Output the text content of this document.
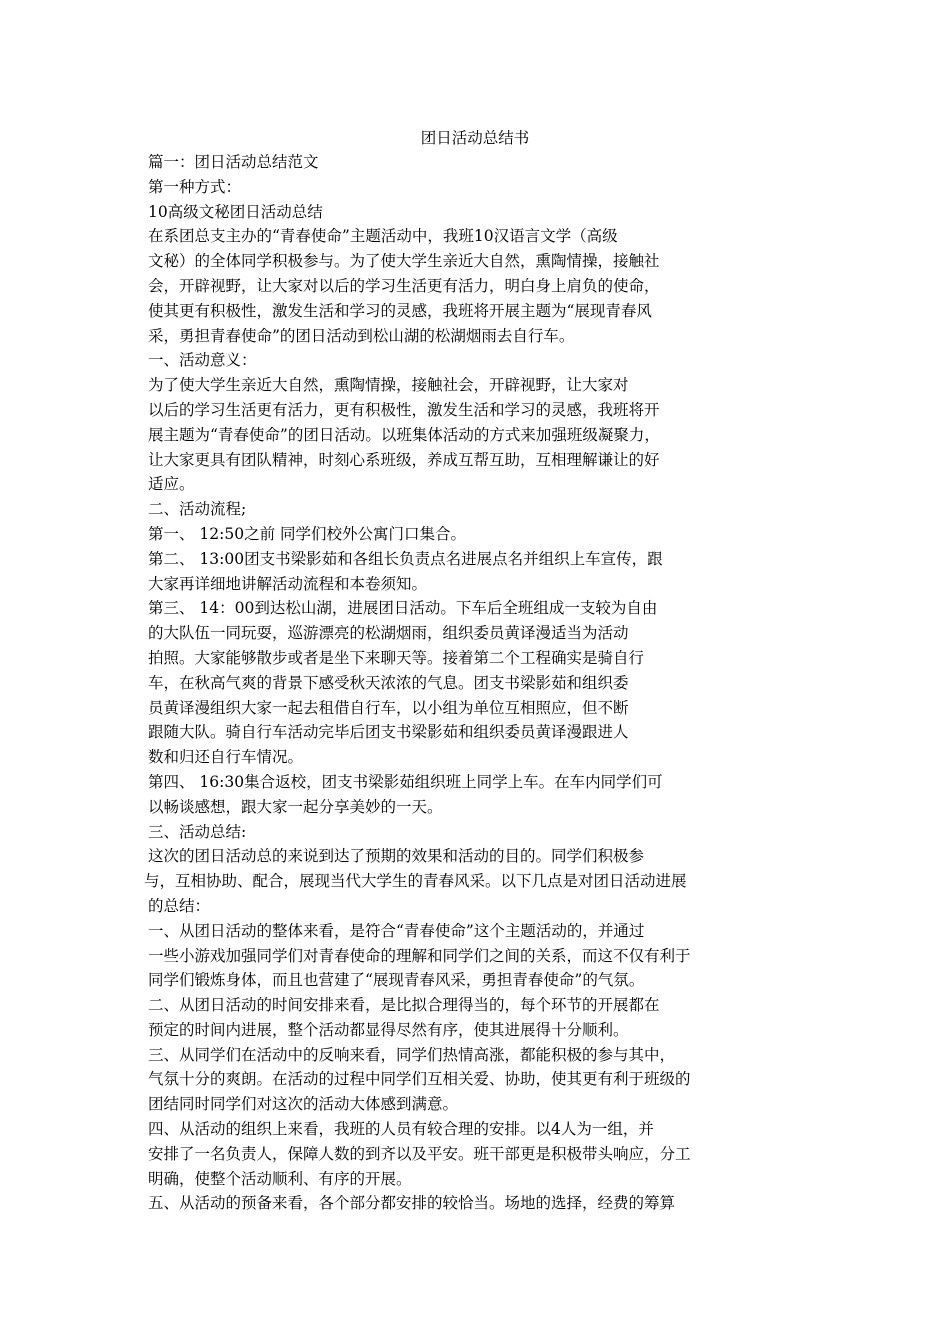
团日活动总结书
篇一：团日活动总结范文
第一种方式：
10高级文秘团日活动总结
在系团总支主办的“青春使命”主题活动中，我班10汉语言文学（高级
文秘）的全体同学积极参与。为了使大学生亲近大自然，熏陶情操，接触社
会，开辟视野，让大家对以后的学习生活更有活力，明白身上肩负的使命，
使其更有积极性，激发生活和学习的灵感，我班将开展主题为“展现青春风
采，勇担青春使命”的团日活动到松山湖的松湖烟雨去自行车。
一、活动意义：
为了使大学生亲近大自然，熏陶情操，接触社会，开辟视野，让大家对
以后的学习生活更有活力，更有积极性，激发生活和学习的灵感，我班将开
展主题为“青春使命”的团日活动。以班集体活动的方式来加强班级凝聚力，
让大家更具有团队精神，时刻心系班级，养成互帮互助，互相理解谦让的好
适应。
二、活动流程;
第一、 12:50之前 同学们校外公寓门口集合。
第二、 13:00团支书梁影茹和各组长负责点名进展点名并组织上车宣传，跟
大家再详细地讲解活动流程和本卷须知。
第三、 14：00到达松山湖，进展团日活动。下车后全班组成一支较为自由
的大队伍一同玩耍，巡游漂亮的松湖烟雨，组织委员黄译漫适当为活动
拍照。大家能够散步或者是坐下来聊天等。接着第二个工程确实是骑自行
车，在秋高气爽的背景下感受秋天浓浓的气息。团支书梁影茹和组织委
员黄译漫组织大家一起去租借自行车，以小组为单位互相照应，但不断
跟随大队。骑自行车活动完毕后团支书梁影茹和组织委员黄译漫跟进人
数和归还自行车情况。
第四、 16:30集合返校，团支书梁影茹组织班上同学上车。在车内同学们可
以畅谈感想，跟大家一起分享美妙的一天。
三、活动总结:
这次的团日活动总的来说到达了预期的效果和活动的目的。同学们积极参
与，互相协助、配合，展现当代大学生的青春风采。以下几点是对团日活动进展
的总结：
一、从团日活动的整体来看，是符合“青春使命”这个主题活动的，并通过
一些小游戏加强同学们对青春使命的理解和同学们之间的关系，而这不仅有利于
同学们锻炼身体，而且也营建了“展现青春风采，勇担青春使命”的气氛。
二、从团日活动的时间安排来看，是比拟合理得当的，每个环节的开展都在
预定的时间内进展，整个活动都显得尽然有序，使其进展得十分顺利。
三、从同学们在活动中的反响来看，同学们热情高涨，都能积极的参与其中，
气氛十分的爽朗。在活动的过程中同学们互相关爱、协助，使其更有利于班级的
团结同时同学们对这次的活动大体感到满意。
四、从活动的组织上来看，我班的人员有较合理的安排。以4人为一组，并
安排了一名负责人，保障人数的到齐以及平安。班干部更是积极带头响应，分工
明确，使整个活动顺利、有序的开展。
五、从活动的预备来看，各个部分都安排的较恰当。场地的选择，经费的筹算
